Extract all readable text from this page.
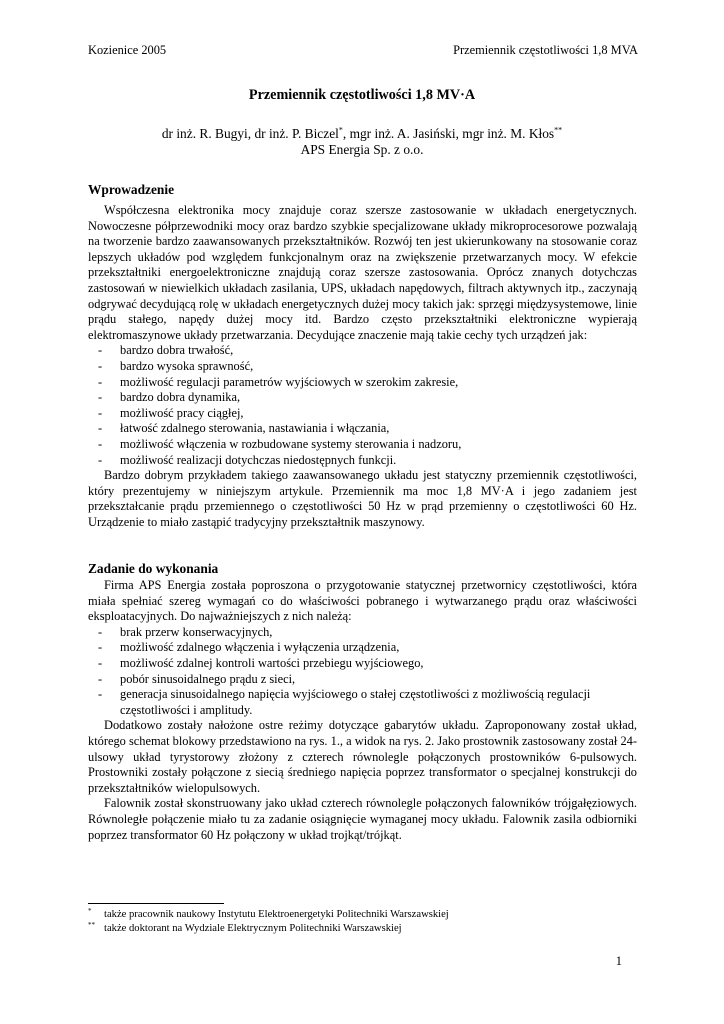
Kozienice 2005	Przemiennik częstotliwości 1,8 MVA
Przemiennik częstotliwości 1,8 MV·A
dr inż. R. Bugyi, dr inż. P. Biczel*, mgr inż. A. Jasiński, mgr inż. M. Kłos**
APS Energia Sp. z o.o.
Wprowadzenie

Współczesna elektronika mocy znajduje coraz szersze zastosowanie w układach energetycznych. Nowoczesne półprzewodniki mocy oraz bardzo szybkie specjalizowane układy mikroprocesorowe pozwalają na tworzenie bardzo zaawansowanych przekształtników. Rozwój ten jest ukierunkowany na stosowanie coraz lepszych układów pod względem funkcjonalnym oraz na zwiększenie przetwarzanych mocy. W efekcie przekształtniki energoelektroniczne znajdują coraz szersze zastosowania. Oprócz znanych dotychczas zastosowań w niewielkich układach zasilania, UPS, układach napędowych, filtrach aktywnych itp., zaczynają odgrywać decydującą rolę w układach energetycznych dużej mocy takich jak: sprzęgi międzysystemowe, linie prądu stałego, napędy dużej mocy itd. Bardzo często przekształtniki elektroniczne wypierają elektromaszynowe układy przetwarzania. Decydujące znaczenie mają takie cechy tych urządzeń jak:

- bardzo dobra trwałość,
- bardzo wysoka sprawność,
- możliwość regulacji parametrów wyjściowych w szerokim zakresie,
- bardzo dobra dynamika,
- możliwość pracy ciągłej,
- łatwość zdalnego sterowania, nastawiania i włączania,
- możliwość włączenia w rozbudowane systemy sterowania i nadzoru,
- możliwość realizacji dotychczas niedostępnych funkcji.

Bardzo dobrym przykładem takiego zaawansowanego układu jest statyczny przemiennik częstotliwości, który prezentujemy w niniejszym artykule. Przemiennik ma moc 1,8 MV·A i jego zadaniem jest przekształcanie prądu przemiennego o częstotliwości 50 Hz w prąd przemienny o częstotliwości 60 Hz. Urządzenie to miało zastąpić tradycyjny przekształtnik maszynowy.

Zadanie do wykonania

Firma APS Energia została poproszona o przygotowanie statycznej przetwornicy częstotliwości, która miała spełniać szereg wymagań co do właściwości pobranego i wytwarzanego prądu oraz właściwości eksploatacyjnych. Do najważniejszych z nich należą:

- brak przerw konserwacyjnych,
- możliwość zdalnego włączenia i wyłączenia urządzenia,
- możliwość zdalnej kontroli wartości przebiegu wyjściowego,
- pobór sinusoidalnego prądu z sieci,
- generacja sinusoidalnego napięcia wyjściowego o stałej częstotliwości z możliwością regulacji częstotliwości i amplitudy.

Dodatkowo zostały nałożone ostre reżimy dotyczące gabarytów układu. Zaproponowany został układ, którego schemat blokowy przedstawiono na rys. 1., a widok na rys. 2. Jako prostownik zastosowany został 24-ulsowy układ tyrystorowy złożony z czterech równolegle połączonych prostowników 6-pulsowych. Prostowniki zostały połączone z siecią średniego napięcia poprzez transformator o specjalnej konstrukcji do przekształtników wielopulsowych.

Falownik został skonstruowany jako układ czterech równolegle połączonych falowników trójgałęziowych. Równoległe połączenie miało tu za zadanie osiągnięcie wymaganej mocy układu. Falownik zasila odbiorniki poprzez transformator 60 Hz połączony w układ trojkąt/trójkąt.

* także pracownik naukowy Instytutu Elektroenergetyki Politechniki Warszawskiej
** także doktorant na Wydziale Elektrycznym Politechniki Warszawskiej
1
